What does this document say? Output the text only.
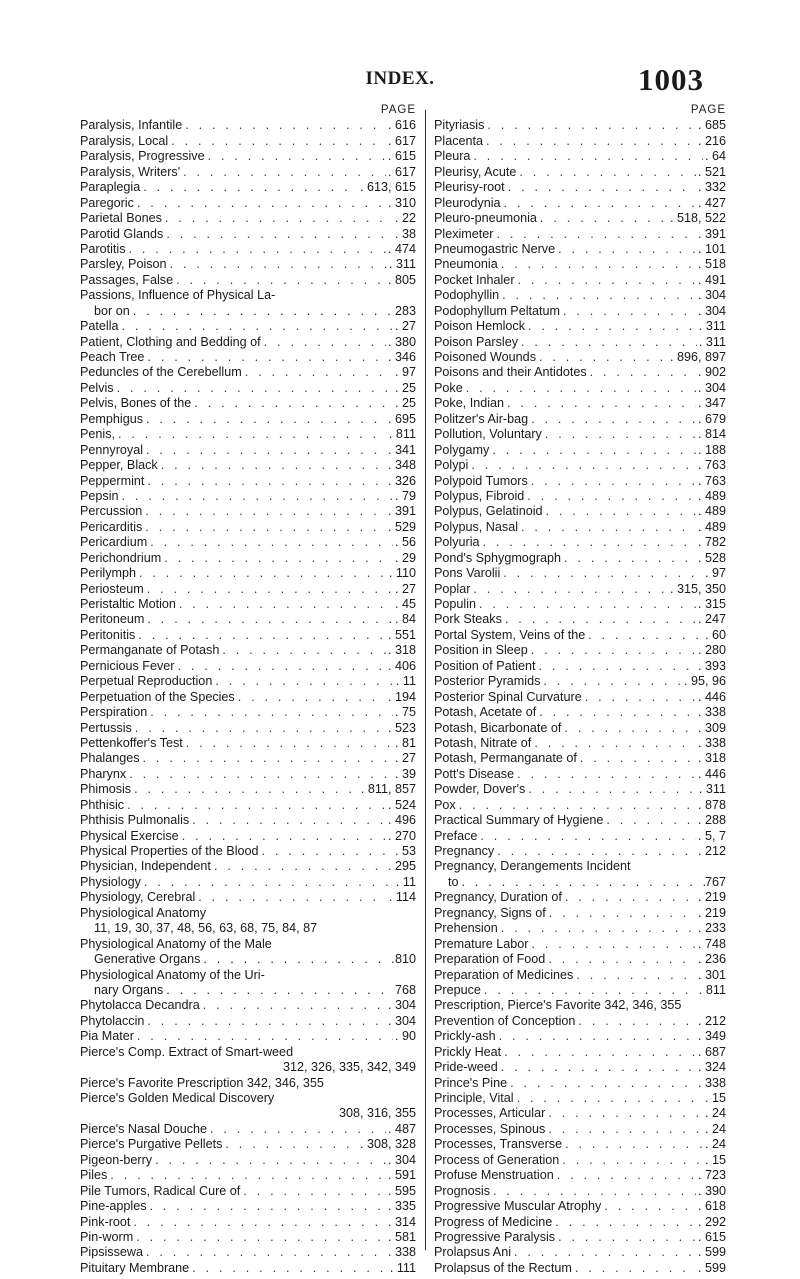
INDEX.	1003
PAGE
Paralysis, Infantile . . .	. 616
Paralysis, Local . . .	. 617
Paralysis, Progressive . . .	. 615
Paralysis, Writers' . . .	. 617
Paraplegia . . .	. 613, 615
Paregoric . . .	. 310
Parietal Bones . . .	. 22
Parotid Glands . . .	. 38
Parotitis . . .	. 474
Parsley, Poison . . .	. 311
Passages, False . . .	. 805
Passions, Influence of Physical La-
bor on . . .	283
Patella . . .	. 27
Patient, Clothing and Bedding of . . .	. 380
Peach Tree . . .	. 346
Peduncles of the Cerebellum . . .	. 97
Pelvis . . .	. 25
Pelvis, Bones of the . . .	. 25
Pemphigus . . .	. 695
Penis, . . .	. 811
Pennyroyal . . .	. 341
Pepper, Black . . .	. 348
Peppermint . . .	. 326
Pepsin . . .	. 79
Percussion . . .	. 391
Pericarditis . . .	. 529
Pericardium . . .	. 56
Perichondrium . . .	. 29
Perilymph . . .	. 110
Periosteum . . .	. 27
Peristaltic Motion . . .	. 45
Peritoneum . . .	. 84
Peritonitis . . .	. 551
Permanganate of Potash . . .	. 318
Pernicious Fever . . .	. 406
Perpetual Reproduction . . .	. 11
Perpetuation of the Species . . .	. 194
Perspiration . . .	. 75
Pertussis . . .	. 523
Pettenkoffer's Test . . .	. 81
Phalanges . . .	. 27
Pharynx . . .	. 39
Phimosis . . .	. 811, 857
Phthisic . . .	. 524
Phthisis Pulmonalis . . .	. 496
Physical Exercise . . .	. 270
Physical Properties of the Blood . . .	. 53
Physician, Independent . . .	. 295
Physiology . . .	. 11
Physiology, Cerebral . . .	. 114
Physiological Anatomy
11, 19, 30, 37, 48, 56, 63, 68, 75, 84, 87
Physiological Anatomy of the Male
Generative Organs . . .	810
Physiological Anatomy of the Uri-
nary Organs . . .	768
Phytolacca Decandra . . .	. 304
Phytolaccin . . .	. 304
Pia Mater . . .	. 90
Pierce's Comp. Extract of Smart-weed
312, 326, 335, 342, 349
Pierce's Favorite Prescription 342, 346, 355
Pierce's Golden Medical Discovery
308, 316, 355
Pierce's Nasal Douche . . .	. 487
Pierce's Purgative Pellets . . .	. 308, 328
Pigeon-berry . . .	. 304
Piles . . .	. 591
Pile Tumors, Radical Cure of . . .	. 595
Pine-apples . . .	. 335
Pink-root . . .	. 314
Pin-worm . . .	. 581
Pipsissewa . . .	. 338
Pituitary Membrane . . .	. 111
PAGE
Pityriasis . . .	. 685
Placenta . . .	. 216
Pleura . . .	. 64
Pleurisy, Acute . . .	. 521
Pleurisy-root . . .	. 332
Pleurodynia . . .	. 427
Pleuro-pneumonia . . .	. 518, 522
Pleximeter . . .	. 391
Pneumogastric Nerve . . .	. 101
Pneumonia . . .	. 518
Pocket Inhaler . . .	. 491
Podophyllin . . .	. 304
Podophyllum Peltatum . . .	. 304
Poison Hemlock . . .	. 311
Poison Parsley . . .	. 311
Poisoned Wounds . . .	. 896, 897
Poisons and their Antidotes . . .	. 902
Poke . . .	. 304
Poke, Indian . . .	. 347
Politzer's Air-bag . . .	. 679
Pollution, Voluntary . . .	. 814
Polygamy . . .	. 188
Polypi . . .	. 763
Polypoid Tumors . . .	. 763
Polypus, Fibroid . . .	. 489
Polypus, Gelatinoid . . .	. 489
Polypus, Nasal . . .	. 489
Polyuria . . .	. 782
Pond's Sphygmograph . . .	. 528
Pons Varolii . . .	. 97
Poplar . . .	. 315, 350
Populin . . .	. 315
Pork Steaks . . .	. 247
Portal System, Veins of the . . .	. 60
Position in Sleep . . .	. 280
Position of Patient . . .	. 393
Posterior Pyramids . . .	. 95, 96
Posterior Spinal Curvature . . .	. 446
Potash, Acetate of . . .	. 338
Potash, Bicarbonate of . . .	. 309
Potash, Nitrate of . . .	. 338
Potash, Permanganate of . . .	. 318
Pott's Disease . . .	. 446
Powder, Dover's . . .	. 311
Pox . . .	. 878
Practical Summary of Hygiene . . .	. 288
Preface . . .	. 5, 7
Pregnancy . . .	. 212
Pregnancy, Derangements Incident
to . . .	767
Pregnancy, Duration of . . .	. 219
Pregnancy, Signs of . . .	. 219
Prehension . . .	. 233
Premature Labor . . .	. 748
Preparation of Food . . .	. 236
Preparation of Medicines . . .	. 301
Prepuce . . .	. 811
Prescription, Pierce's Favorite 342, 346, 355
Prevention of Conception . . .	. 212
Prickly-ash . . .	. 349
Prickly Heat . . .	. 687
Pride-weed . . .	. 324
Prince's Pine . . .	. 338
Principle, Vital . . .	. 15
Processes, Articular . . .	. 24
Processes, Spinous . . .	. 24
Processes, Transverse . . .	. 24
Process of Generation . . .	. 15
Profuse Menstruation . . .	. 723
Prognosis . . .	. 390
Progressive Muscular Atrophy . . .	. 618
Progress of Medicine . . .	. 292
Progressive Paralysis . . .	. 615
Prolapsus Ani . . .	. 599
Prolapsus of the Rectum . . .	. 599
